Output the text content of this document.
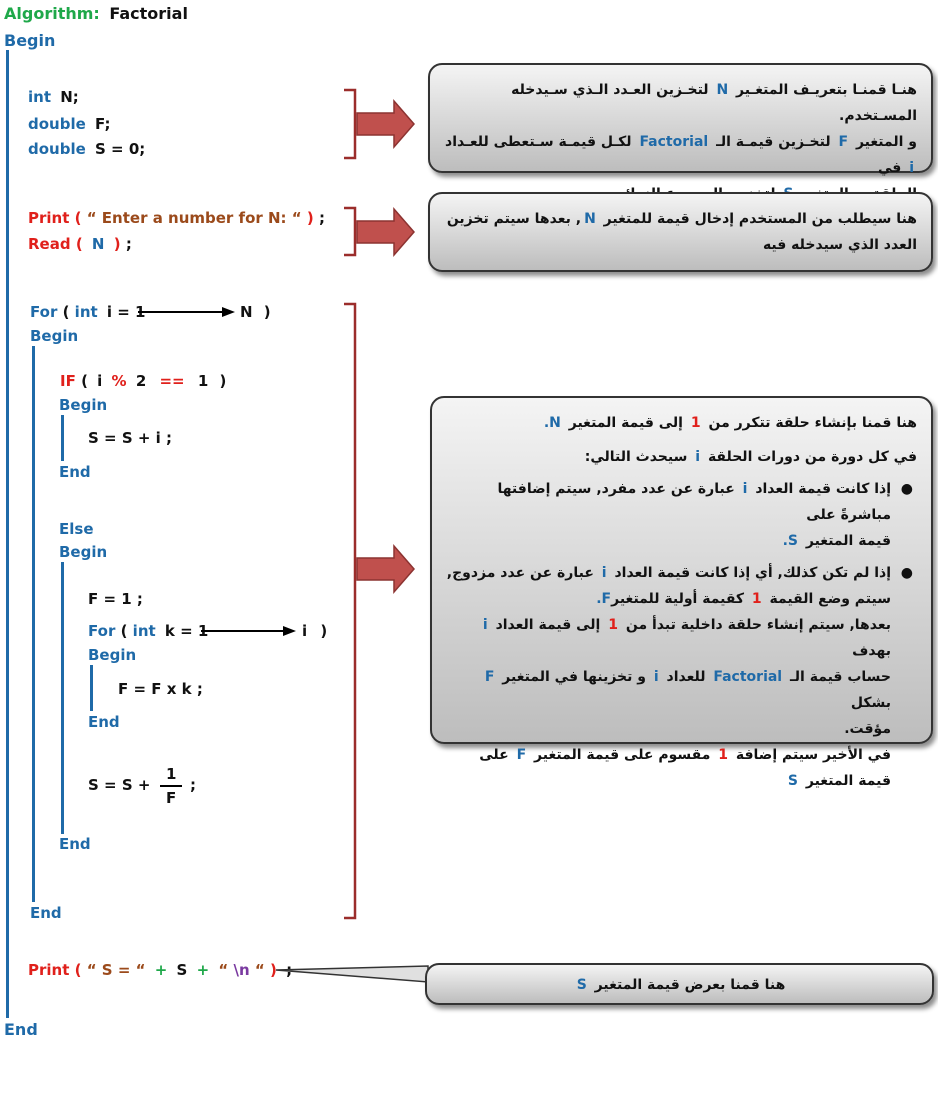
Algorithm: Factorial
Begin
End
int N;
double F;
double S = 0;
Print ( “ Enter a number for N: “ ) ;
Read ( N ) ;
For ( int i = 1	N )
Begin
End
IF ( i % 2 == 1 )
Begin
S = S + i ;
End
Else
Begin
End
F = 1 ;
For ( int k = 1	i )
Begin
F = F x k ;
End
S = S +
1
F
;
Print ( “ S = “ + S + “ \n “ )

هنـا قمنـا بتعريـف المتغـير N لتخـزين العـدد الـذي سـيدخله المسـتخدم.

و المتغير F لتخـزين قيمـة الـ Factorial لكـل قيمـة سـتعطى للعـداد i في

هنا سيطلب من المستخدم إدخال قيمة للمتغير N, بعدها سيتم تخزين

العدد الذي سيدخله فيه

هنا قمنا بإنشاء حلقة تتكرر من 1 إلى قيمة المتغير N.

في كل دورة من دورات الحلقة i سيحدث التالي:

●
إذا كانت قيمة العداد i عبارة عن عدد مفرد, سيتم إضافتها مباشرةً على
قيمة المتغير S.
●
إذا لم تكن كذلك, أي إذا كانت قيمة العداد i عبارة عن عدد مزدوج,
سيتم وضع القيمة 1 كقيمة أولية للمتغيرF.
بعدها, سيتم إنشاء حلقة داخلية تبدأ من 1 إلى قيمة العداد i بهدف
حساب قيمة الـ Factorial للعداد i و تخزينها في المتغير F بشكل
مؤقت.
في الأخير سيتم إضافة 1 مقسوم على قيمة المتغير F على قيمة المتغير S
هنا قمنا بعرض قيمة المتغير S
